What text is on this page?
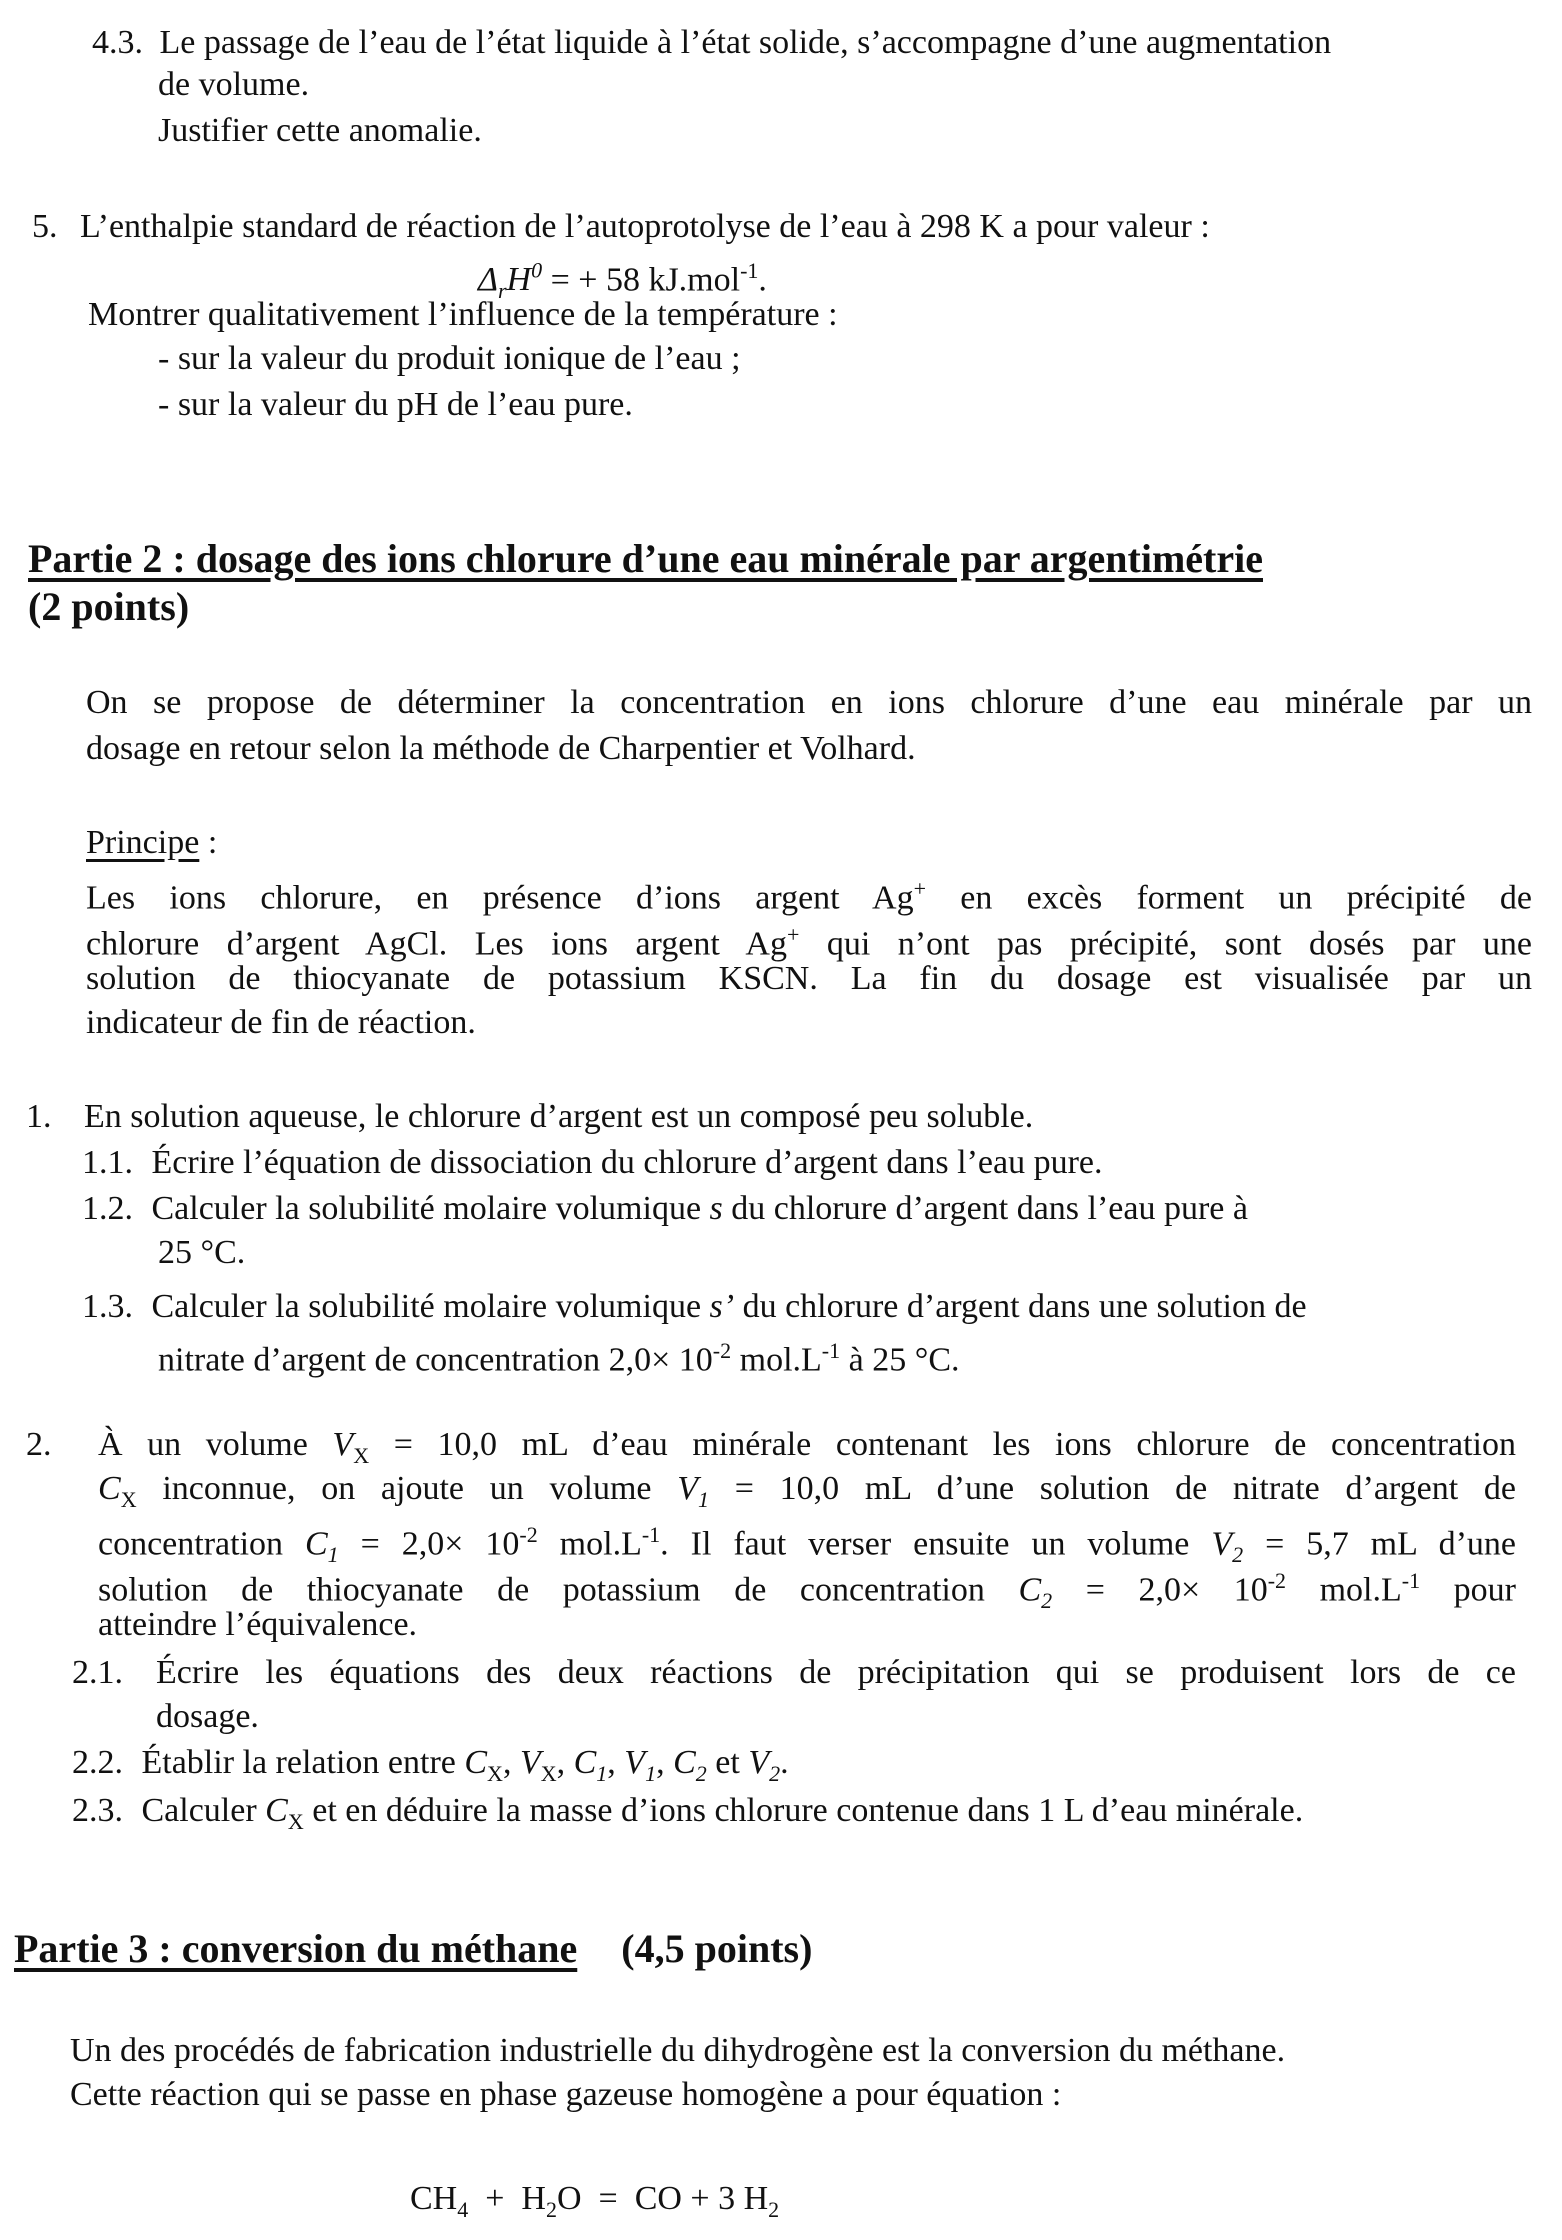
4.3. Le passage de l’eau de l’état liquide à l’état solide, s’accompagne d’une augmentation
de volume.
Justifier cette anomalie.
5. L’enthalpie standard de réaction de l’autoprotolyse de l’eau à 298 K a pour valeur :
$\Delta_rH^0$ = + 58 kJ.mol$^{-1}$.
Montrer qualitativement l’influence de la température :
- sur la valeur du produit ionique de l’eau ;
- sur la valeur du pH de l’eau pure.
Partie 2 : dosage des ions chlorure d’une eau minérale par argentimétrie
(2 points)
On se propose de déterminer la concentration en ions chlorure d’une eau minérale par un
dosage en retour selon la méthode de Charpentier et Volhard.
Principe :
Les ions chlorure, en présence d’ions argent Ag+ en excès forment un précipité de
chlorure d’argent AgCl. Les ions argent Ag+ qui n’ont pas précipité, sont dosés par une
solution de thiocyanate de potassium KSCN. La fin du dosage est visualisée par un
indicateur de fin de réaction.
1. En solution aqueuse, le chlorure d’argent est un composé peu soluble.
1.1. Écrire l’équation de dissociation du chlorure d’argent dans l’eau pure.
1.2. Calculer la solubilité molaire volumique s du chlorure d’argent dans l’eau pure à
25 °C.
1.3. Calculer la solubilité molaire volumique s’ du chlorure d’argent dans une solution de
nitrate d’argent de concentration $2,0\times 10^{-2}$ $mol.L^{-1}$ à 25 °C.
2. À un volume $V_X = 10,0$ mL d’eau minérale contenant les ions chlorure de concentration
$C_X$ inconnue, on ajoute un volume $V_1 = 10,0$ mL d’une solution de nitrate d’argent de
concentration $C_1 = 2,0\times 10^{-2}$ $mol.L^{-1}$. Il faut verser ensuite un volume $V_2 = 5,7$ mL d’une
solution de thiocyanate de potassium de concentration $C_2 = 2,0\times 10^{-2}$ $mol.L^{-1}$ pour
atteindre l’équivalence.
2.1. Écrire les équations des deux réactions de précipitation qui se produisent lors de ce
dosage.
2.2. Établir la relation entre $C_X$, $V_X$, $C_1$, $V_1$, $C_2$ et $V_2$.
2.3. Calculer $C_X$ et en déduire la masse d’ions chlorure contenue dans 1 L d’eau minérale.
Partie 3 : conversion du méthane (4,5 points)
Un des procédés de fabrication industrielle du dihydrogène est la conversion du méthane.
Cette réaction qui se passe en phase gazeuse homogène a pour équation :
$CH_4 + H_2O$  =  CO + 3 $H_2$
